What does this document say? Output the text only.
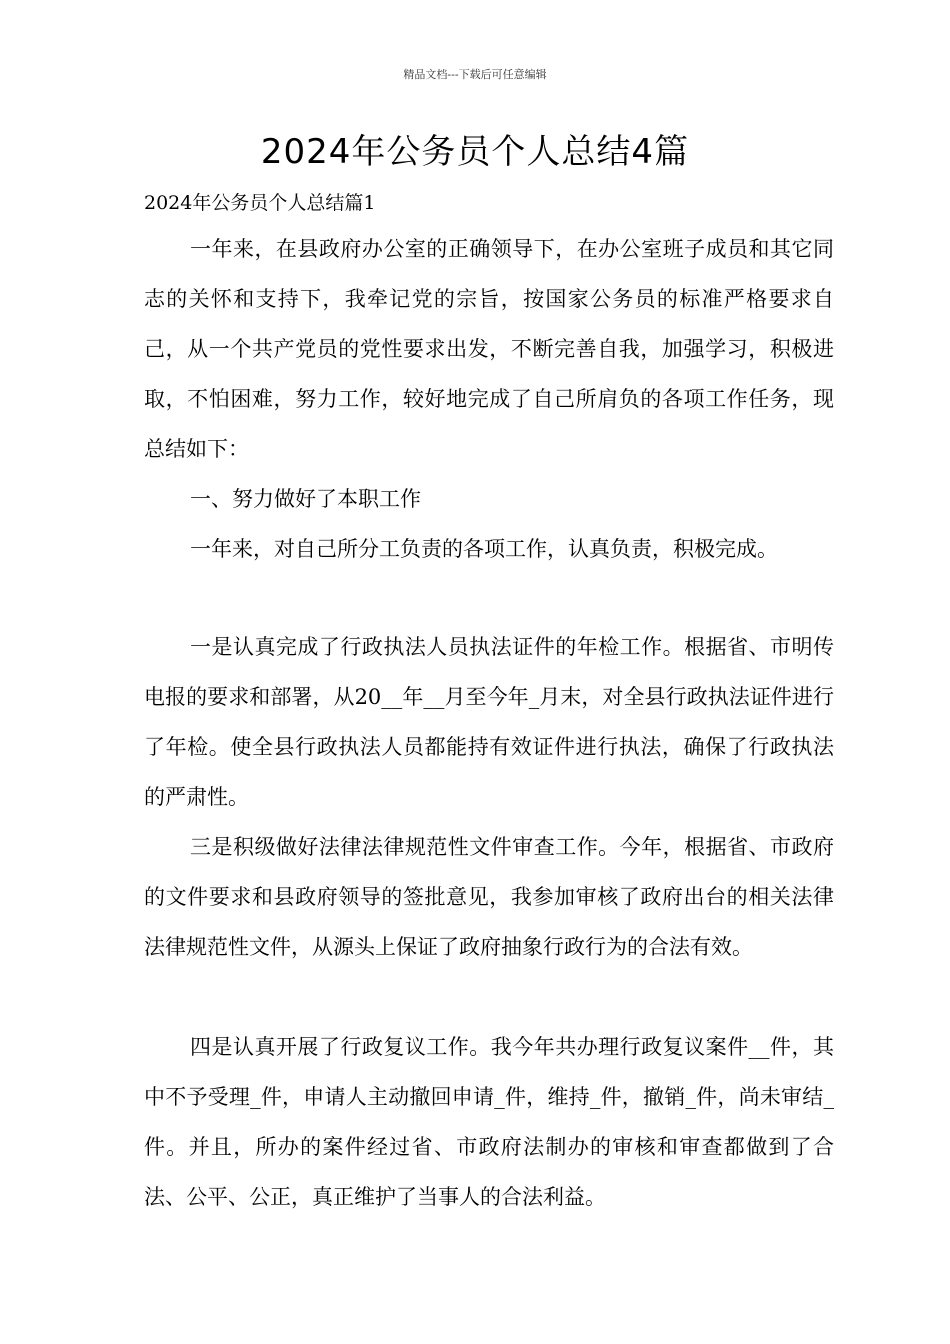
精品文档---下载后可任意编辑
2024年公务员个人总结4篇
2024年公务员个人总结篇1

一年来，在县政府办公室的正确领导下，在办公室班子成员和其它同志的关怀和支持下，我牵记党的宗旨，按国家公务员的标准严格要求自己，从一个共产党员的党性要求出发，不断完善自我，加强学习，积极进取，不怕困难，努力工作，较好地完成了自己所肩负的各项工作任务，现总结如下：

一、努力做好了本职工作

一年来，对自己所分工负责的各项工作，认真负责，积极完成。

一是认真完成了行政执法人员执法证件的年检工作。根据省、市明传电报的要求和部署，从20__年__月至今年_月末，对全县行政执法证件进行了年检。使全县行政执法人员都能持有效证件进行执法，确保了行政执法的严肃性。

三是积级做好法律法律规范性文件审查工作。今年，根据省、市政府的文件要求和县政府领导的签批意见，我参加审核了政府出台的相关法律法律规范性文件，从源头上保证了政府抽象行政行为的合法有效。

四是认真开展了行政复议工作。我今年共办理行政复议案件__件，其中不予受理_件，申请人主动撤回申请_件，维持_件，撤销_件，尚未审结_件。并且，所办的案件经过省、市政府法制办的审核和审查都做到了合法、公平、公正，真正维护了当事人的合法利益。
